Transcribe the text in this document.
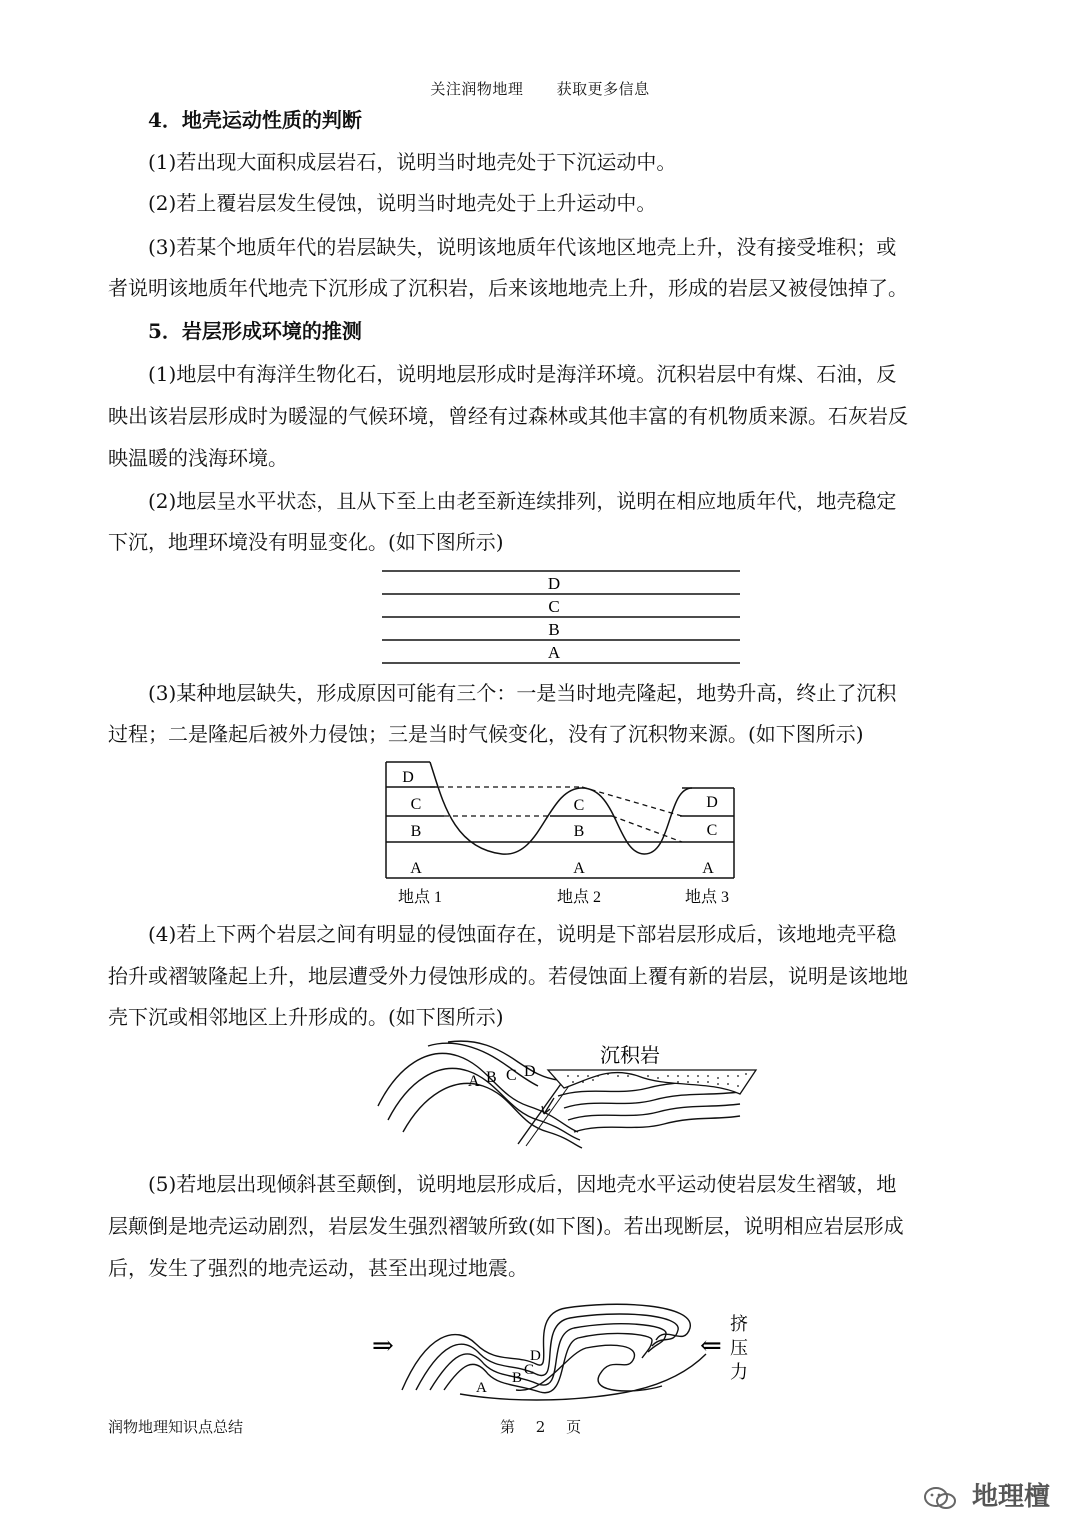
关注润物地理 获取更多信息
4．地壳运动性质的判断
(1)若出现大面积成层岩石，说明当时地壳处于下沉运动中。
(2)若上覆岩层发生侵蚀，说明当时地壳处于上升运动中。
(3)若某个地质年代的岩层缺失，说明该地质年代该地区地壳上升，没有接受堆积；或
者说明该地质年代地壳下沉形成了沉积岩，后来该地地壳上升，形成的岩层又被侵蚀掉了。
5．岩层形成环境的推测
(1)地层中有海洋生物化石，说明地层形成时是海洋环境。沉积岩层中有煤、石油，反
映出该岩层形成时为暖湿的气候环境，曾经有过森林或其他丰富的有机物质来源。石灰岩反
映温暖的浅海环境。
(2)地层呈水平状态，且从下至上由老至新连续排列，说明在相应地质年代，地壳稳定
下沉，地理环境没有明显变化。(如下图所示)
D
C
B
A
(3)某种地层缺失，形成原因可能有三个：一是当时地壳隆起，地势升高，终止了沉积
过程；二是隆起后被外力侵蚀；三是当时气候变化，没有了沉积物来源。(如下图所示)
D
C
B
A
C
B
A
D
C
A
地点 1	地点 2	地点 3
(4)若上下两个岩层之间有明显的侵蚀面存在，说明是下部岩层形成后，该地地壳平稳
抬升或褶皱隆起上升，地层遭受外力侵蚀形成的。若侵蚀面上覆有新的岩层，说明是该地地
壳下沉或相邻地区上升形成的。(如下图所示)
沉积岩
A B C D
(5)若地层出现倾斜甚至颠倒，说明地层形成后，因地壳水平运动使岩层发生褶皱，地
层颠倒是地壳运动剧烈，岩层发生强烈褶皱所致(如下图)。若出现断层，说明相应岩层形成
后，发生了强烈的地壳运动，甚至出现过地震。
⇒	⇐
挤
压
力
A
B C
D
润物地理知识点总结	第 2 页
地理檀
